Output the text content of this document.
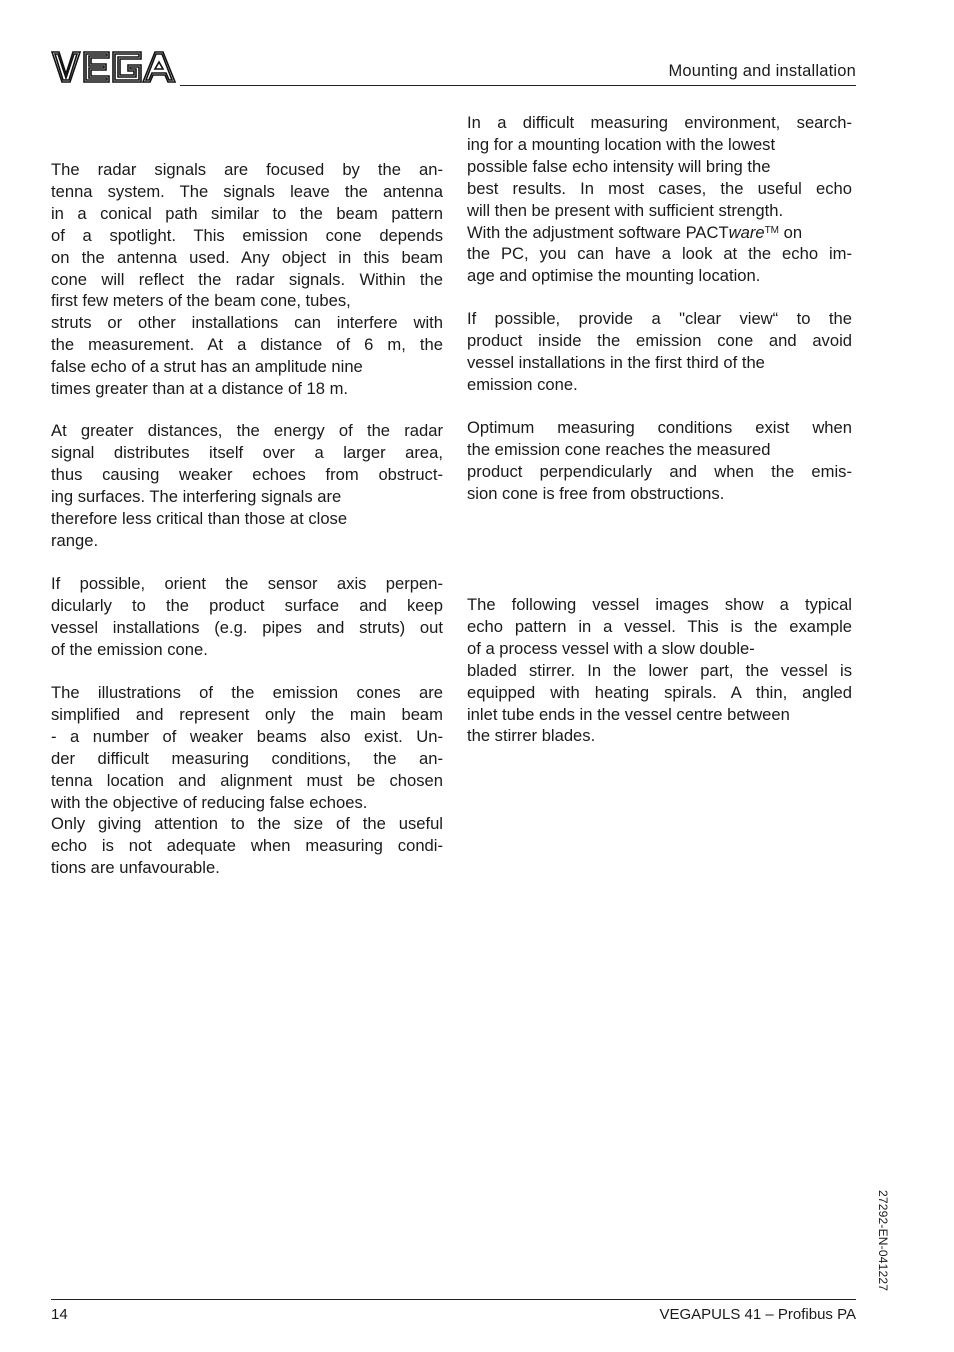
Mounting and installation

The radar signals are focused by the an-
tenna system. The signals leave the antenna
in a conical path similar to the beam pattern
of a spotlight. This emission cone depends
on the antenna used. Any object in this beam
cone will reflect the radar signals. Within the
first few meters of the beam cone, tubes,
struts or other installations can interfere with
the measurement. At a distance of 6 m, the
false echo of a strut has an amplitude nine
times greater than at a distance of 18 m.

At greater distances, the energy of the radar
signal distributes itself over a larger area,
thus causing weaker echoes from obstruct-
ing surfaces. The interfering signals are
therefore less critical than those at close
range.

If possible, orient the sensor axis perpen-
dicularly to the product surface and keep
vessel installations (e.g. pipes and struts) out
of the emission cone.

The illustrations of the emission cones are
simplified and represent only the main beam
- a number of weaker beams also exist. Un-
der difficult measuring conditions, the an-
tenna location and alignment must be chosen
with the objective of reducing false echoes.
Only giving attention to the size of the useful
echo is not adequate when measuring condi-
tions are unfavourable.

In a difficult measuring environment, search-
ing for a mounting location with the lowest
possible false echo intensity will bring the
best results. In most cases, the useful echo
will then be present with sufficient strength.
With the adjustment software PACTware™ on
the PC, you can have a look at the echo im-
age and optimise the mounting location.

If possible, provide a "clear view“ to the
product inside the emission cone and avoid
vessel installations in the first third of the
emission cone.

Optimum measuring conditions exist when
the emission cone reaches the measured
product perpendicularly and when the emis-
sion cone is free from obstructions.

The following vessel images show a typical
echo pattern in a vessel. This is the example
of a process vessel with a slow double-
bladed stirrer. In the lower part, the vessel is
equipped with heating spirals. A thin, angled
inlet tube ends in the vessel centre between
the stirrer blades.

27292-EN-041227
14	VEGAPULS 41 – Profibus PA
